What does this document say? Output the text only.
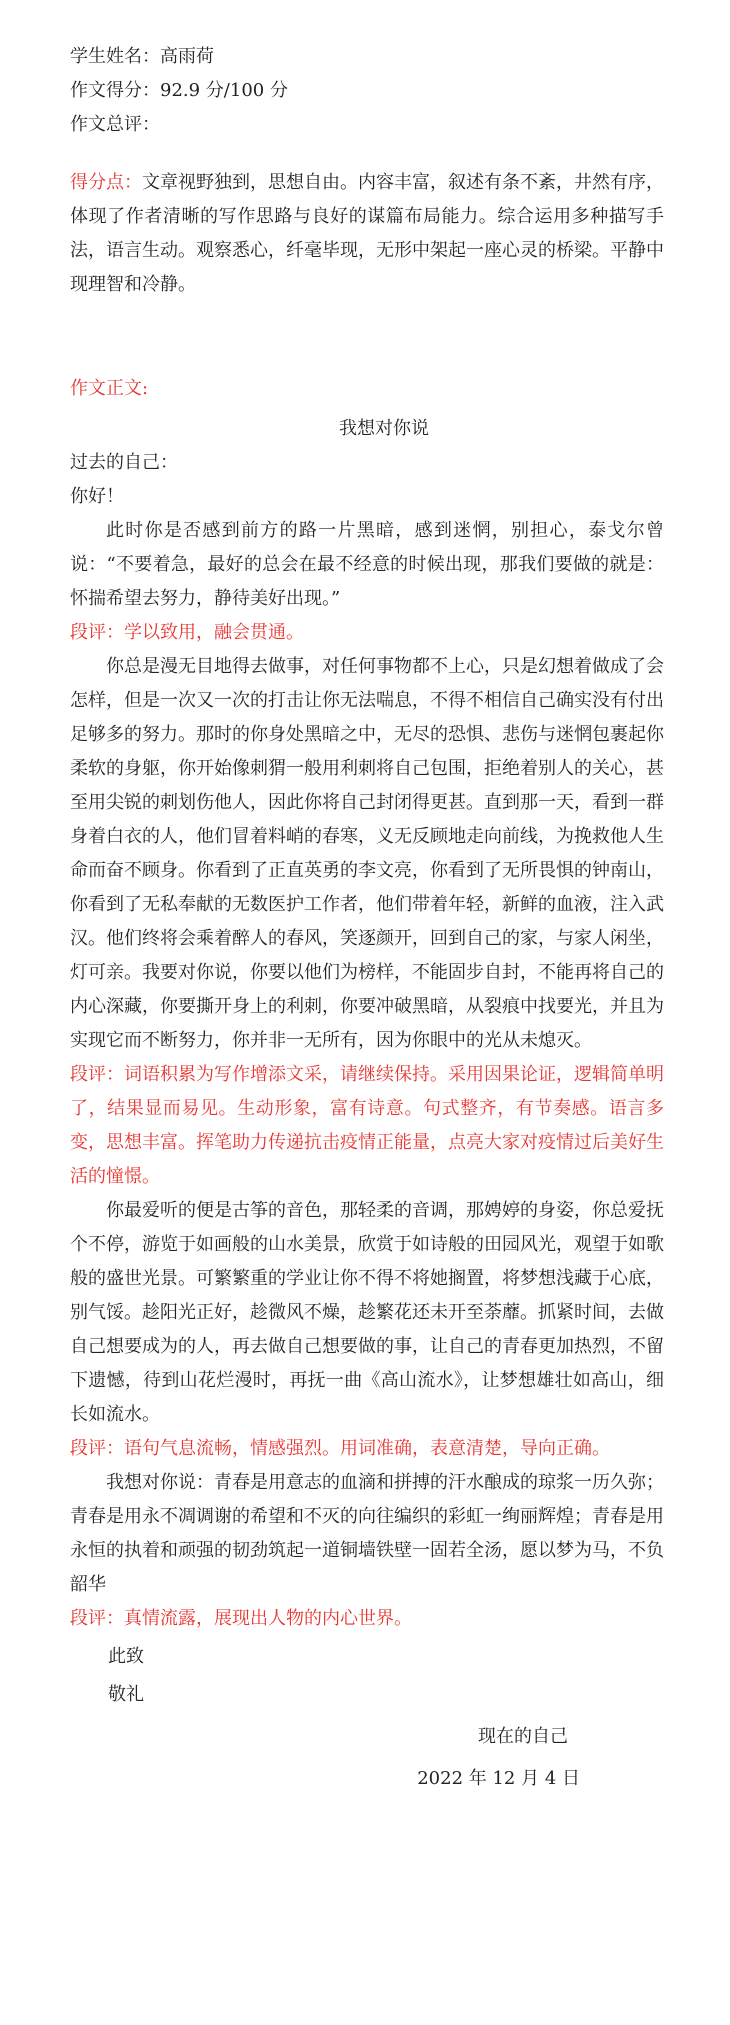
学生姓名：高雨荷
作文得分：92.9 分/100 分
作文总评：
得分点：文章视野独到，思想自由。内容丰富，叙述有条不紊，井然有序，体现了作者清晰的写作思路与良好的谋篇布局能力。综合运用多种描写手法，语言生动。观察悉心，纤毫毕现，无形中架起一座心灵的桥梁。平静中现理智和冷静。
作文正文:
我想对你说
过去的自己：
你好！

此时你是否感到前方的路一片黑暗，感到迷惘，别担心，泰戈尔曾说：“不要着急，最好的总会在最不经意的时候出现，那我们要做的就是：怀揣希望去努力，静待美好出现。”

段评：学以致用，融会贯通。

你总是漫无目地得去做事，对任何事物都不上心，只是幻想着做成了会怎样，但是一次又一次的打击让你无法喘息，不得不相信自己确实没有付出足够多的努力。那时的你身处黑暗之中，无尽的恐惧、悲伤与迷惘包裹起你柔软的身躯，你开始像刺猬一般用利刺将自己包围，拒绝着别人的关心，甚至用尖锐的刺划伤他人，因此你将自己封闭得更甚。直到那一天，看到一群身着白衣的人，他们冒着料峭的春寒，义无反顾地走向前线，为挽救他人生命而奋不顾身。你看到了正直英勇的李文亮，你看到了无所畏惧的钟南山，你看到了无私奉献的无数医护工作者，他们带着年轻，新鲜的血液，注入武汉。他们终将会乘着醉人的春风，笑逐颜开，回到自己的家，与家人闲坐，灯可亲。我要对你说，你要以他们为榜样，不能固步自封，不能再将自己的内心深藏，你要撕开身上的利刺，你要冲破黑暗，从裂痕中找要光，并且为实现它而不断努力，你并非一无所有，因为你眼中的光从未熄灭。

段评：词语积累为写作增添文采，请继续保持。采用因果论证，逻辑简单明了，结果显而易见。生动形象，富有诗意。句式整齐，有节奏感。语言多变，思想丰富。挥笔助力传递抗击疫情正能量，点亮大家对疫情过后美好生活的憧憬。

你最爱听的便是古筝的音色，那轻柔的音调，那娉婷的身姿，你总爱抚个不停，游览于如画般的山水美景，欣赏于如诗般的田园风光，观望于如歌般的盛世光景。可繁繁重的学业让你不得不将她搁置，将梦想浅藏于心底，别气馁。趁阳光正好，趁微风不燥，趁繁花还未开至荼蘼。抓紧时间，去做自己想要成为的人，再去做自己想要做的事，让自己的青春更加热烈，不留下遗憾，待到山花烂漫时，再抚一曲《高山流水》，让梦想雄壮如高山，细长如流水。

段评：语句气息流畅，情感强烈。用词准确，表意清楚，导向正确。

我想对你说：青春是用意志的血滴和拼搏的汗水酿成的琼浆一历久弥；青春是用永不凋调谢的希望和不灭的向往编织的彩虹一绚丽辉煌；青春是用永恒的执着和顽强的韧劲筑起一道铜墙铁壁一固若全汤，愿以梦为马，不负韶华

段评：真情流露，展现出人物的内心世界。
此致
敬礼
现在的自己
2022 年 12 月 4 日
